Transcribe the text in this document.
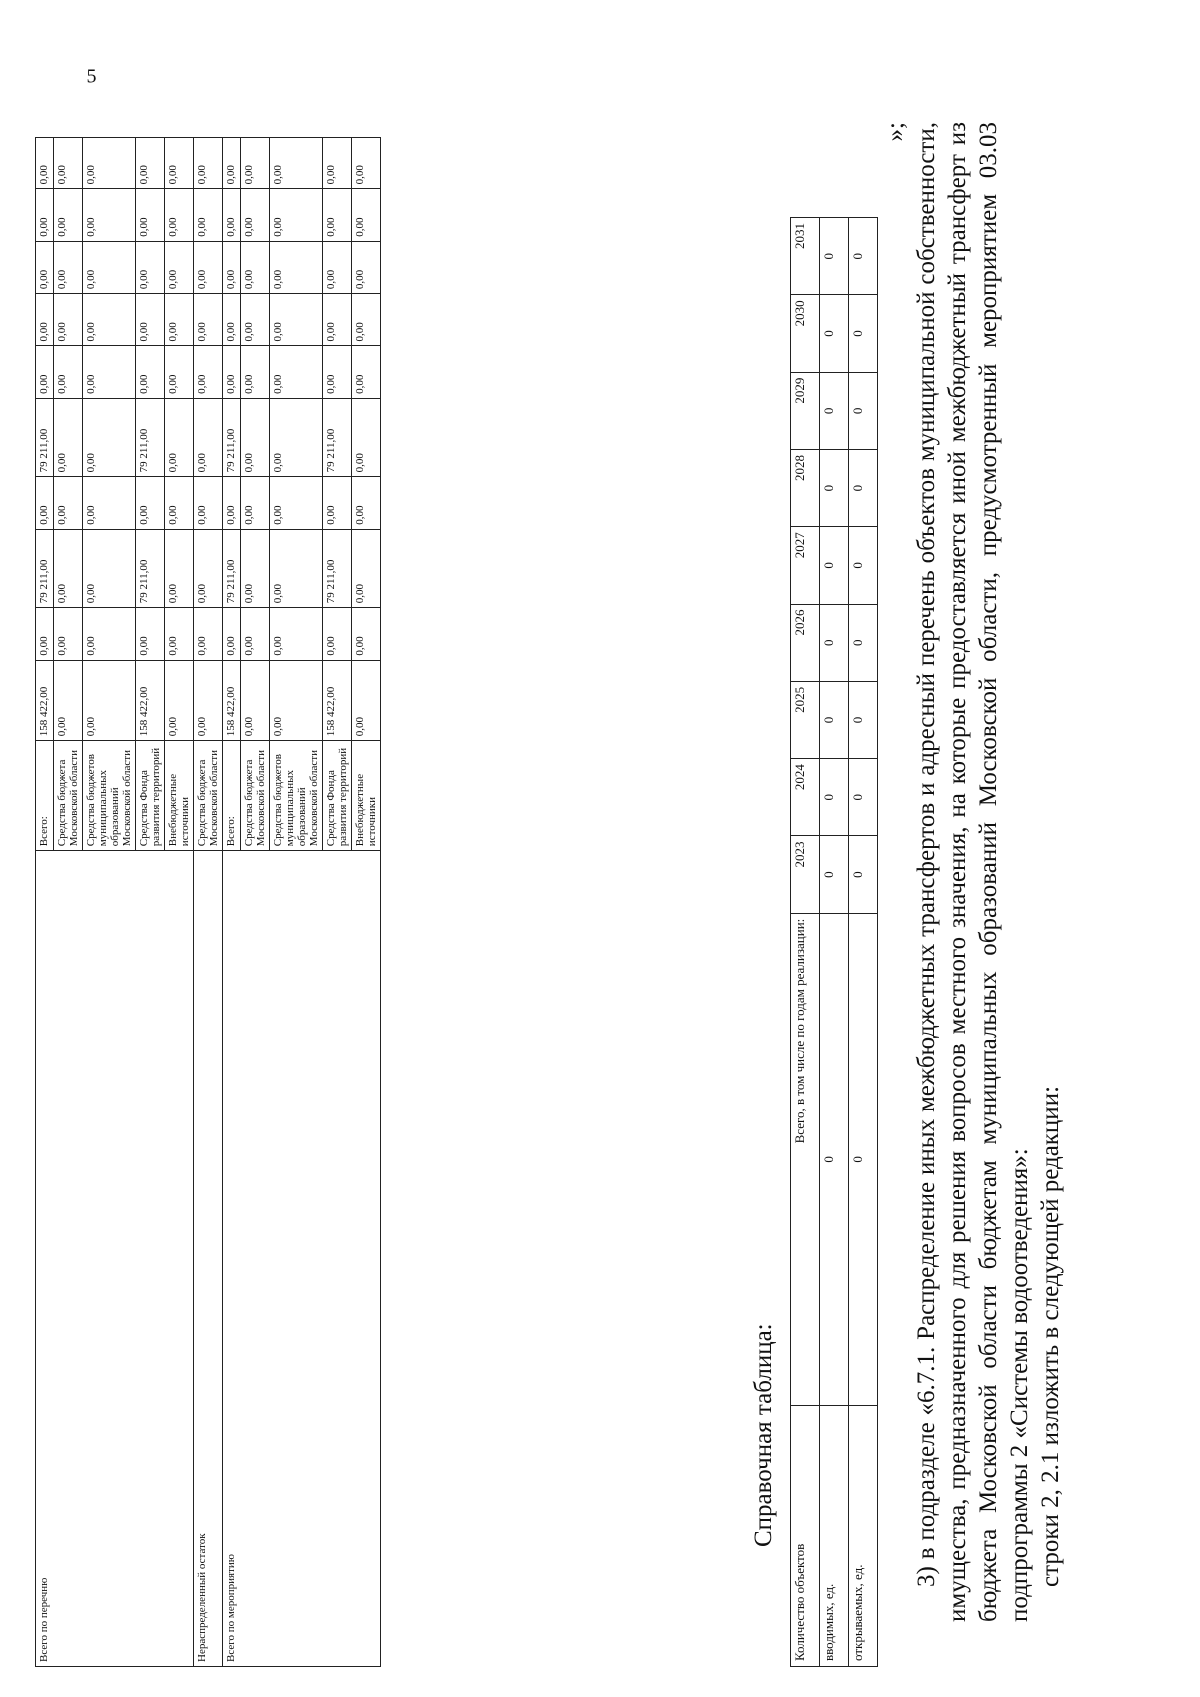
5
Всего по перечню	Всего:	158 422,00	0,00	79 211,00	0,00	79 211,00	0,00	0,00	0,00	0,00	0,00
	Средства бюджета Московской области	0,00	0,00	0,00	0,00	0,00	0,00	0,00	0,00	0,00	0,00
	Средства бюджетов муниципальных образований Московской области	0,00	0,00	0,00	0,00	0,00	0,00	0,00	0,00	0,00	0,00
	Средства Фонда развития территорий	158 422,00	0,00	79 211,00	0,00	79 211,00	0,00	0,00	0,00	0,00	0,00
	Внебюджетные источники	0,00	0,00	0,00	0,00	0,00	0,00	0,00	0,00	0,00	0,00
Нераспределенный остаток	Средства бюджета Московской области	0,00	0,00	0,00	0,00	0,00	0,00	0,00	0,00	0,00	0,00
Всего по мероприятию	Всего:	158 422,00	0,00	79 211,00	0,00	79 211,00	0,00	0,00	0,00	0,00	0,00
	Средства бюджета Московской области	0,00	0,00	0,00	0,00	0,00	0,00	0,00	0,00	0,00	0,00
	Средства бюджетов муниципальных образований Московской области	0,00	0,00	0,00	0,00	0,00	0,00	0,00	0,00	0,00	0,00
	Средства Фонда развития территорий	158 422,00	0,00	79 211,00	0,00	79 211,00	0,00	0,00	0,00	0,00	0,00
	Внебюджетные источники	0,00	0,00	0,00	0,00	0,00	0,00	0,00	0,00	0,00	0,00
Справочная таблица:
Количество объектов	Всего, в том числе по годам реализации:	2023	2024	2025	2026	2027	2028	2029	2030	2031
вводимых, ед.	0	0	0	0	0	0	0	0	0	0
открываемых, ед.	0	0	0	0	0	0	0	0	0	0
»; 3) в подразделе «6.7.1. Распределение иных межбюджетных трансфертов и адресный перечень объектов муниципальной собственности, имущества, предназначенного для решения вопросов местного значения, на которые предоставляется иной межбюджетный трансферт из бюджета Московской области бюджетам муниципальных образований Московской области, предусмотренный мероприятием 03.03 подпрограммы 2 «Системы водоотведения»: строки 2, 2.1 изложить в следующей редакции:
